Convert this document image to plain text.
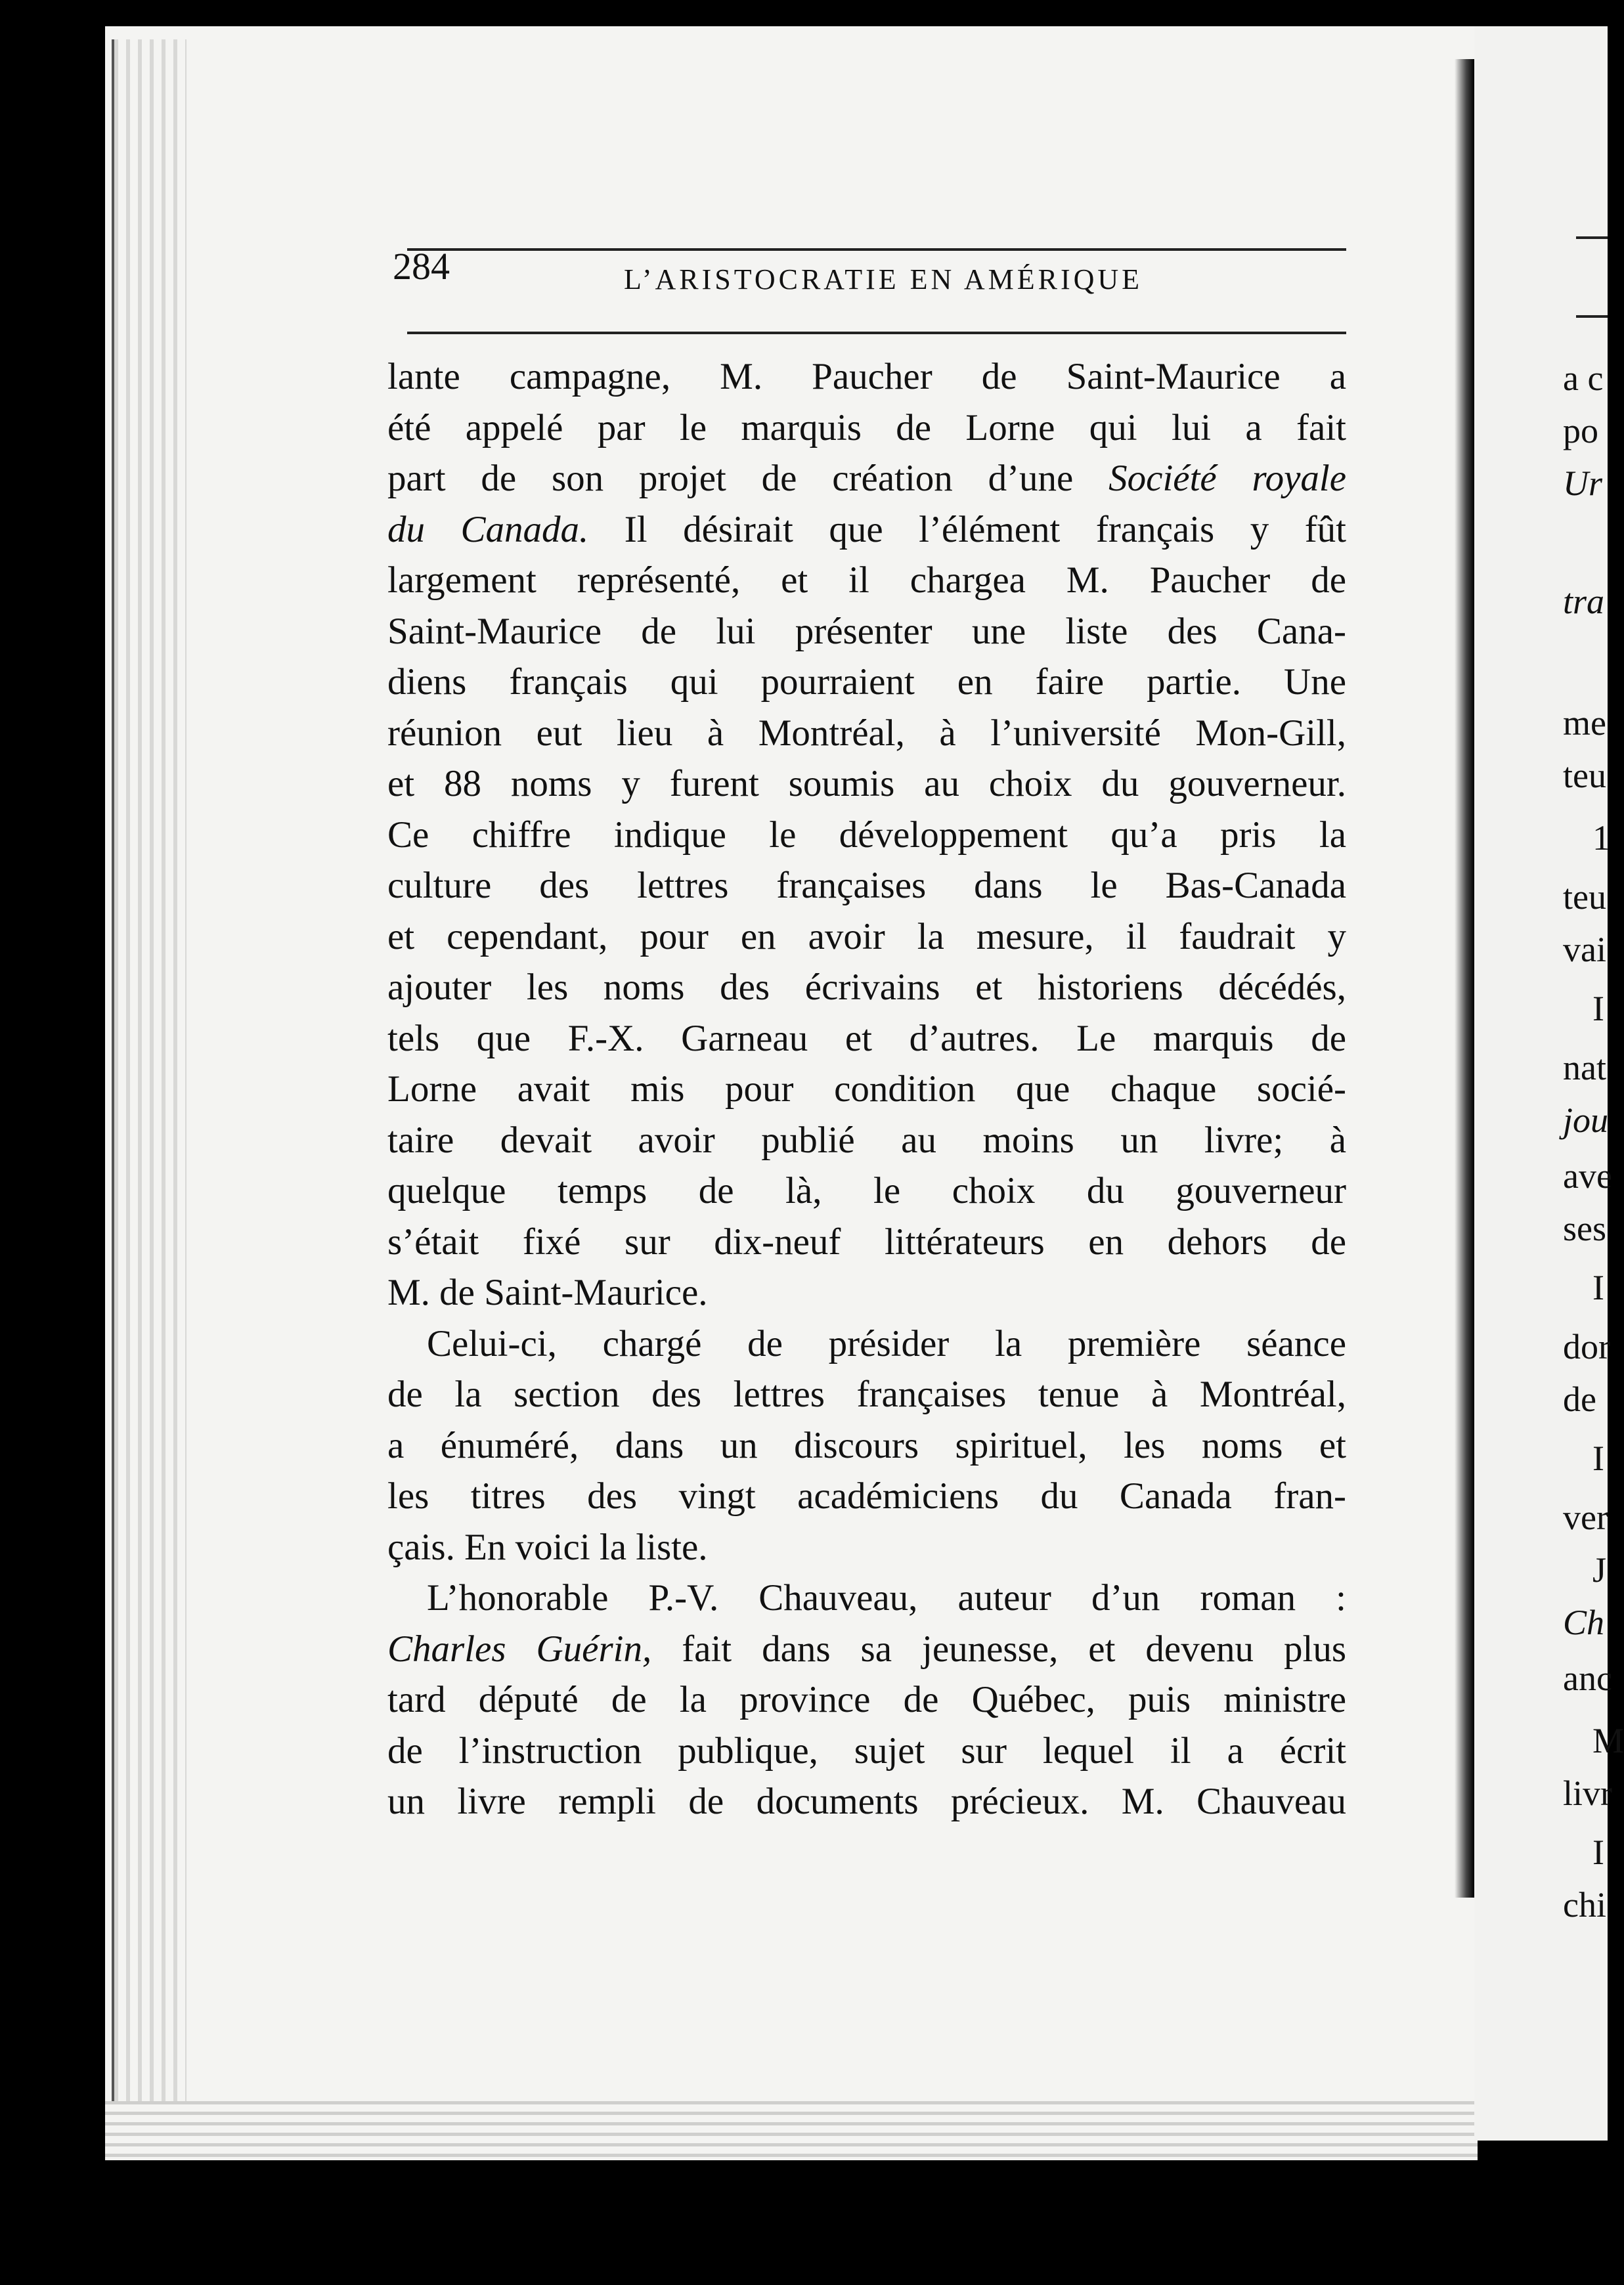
284	L’ARISTOCRATIE EN AMÉRIQUE
lante campagne, M. Paucher de Saint-Maurice a
été appelé par le marquis de Lorne qui lui a fait
part de son projet de création d’une Société royale
du Canada. Il désirait que l’élément français y fût
largement représenté, et il chargea M. Paucher de
Saint-Maurice de lui présenter une liste des Cana-
diens français qui pourraient en faire partie. Une
réunion eut lieu à Montréal, à l’université Mon-Gill,
et 88 noms y furent soumis au choix du gouverneur.
Ce chiffre indique le développement qu’a pris la
culture des lettres françaises dans le Bas-Canada
et cependant, pour en avoir la mesure, il faudrait y
ajouter les noms des écrivains et historiens décédés,
tels que F.-X. Garneau et d’autres. Le marquis de
Lorne avait mis pour condition que chaque socié-
taire devait avoir publié au moins un livre; à
quelque temps de là, le choix du gouverneur
s’était fixé sur dix-neuf littérateurs en dehors de
M. de Saint-Maurice.
Celui-ci, chargé de présider la première séance
de la section des lettres françaises tenue à Montréal,
a énuméré, dans un discours spirituel, les noms et
les titres des vingt académiciens du Canada fran-
çais. En voici la liste.
L’honorable P.-V. Chauveau, auteur d’un roman :
Charles Guérin, fait dans sa jeunesse, et devenu plus
tard député de la province de Québec, puis ministre
de l’instruction publique, sujet sur lequel il a écrit
un livre rempli de documents précieux. M. Chauveau
a c
po
Ur
tra
me
teu
1
teu
vai
I
nat
jou
ave
ses
I
dor
de
I
ver
J
Ch
anc
M
livr
I
chi
